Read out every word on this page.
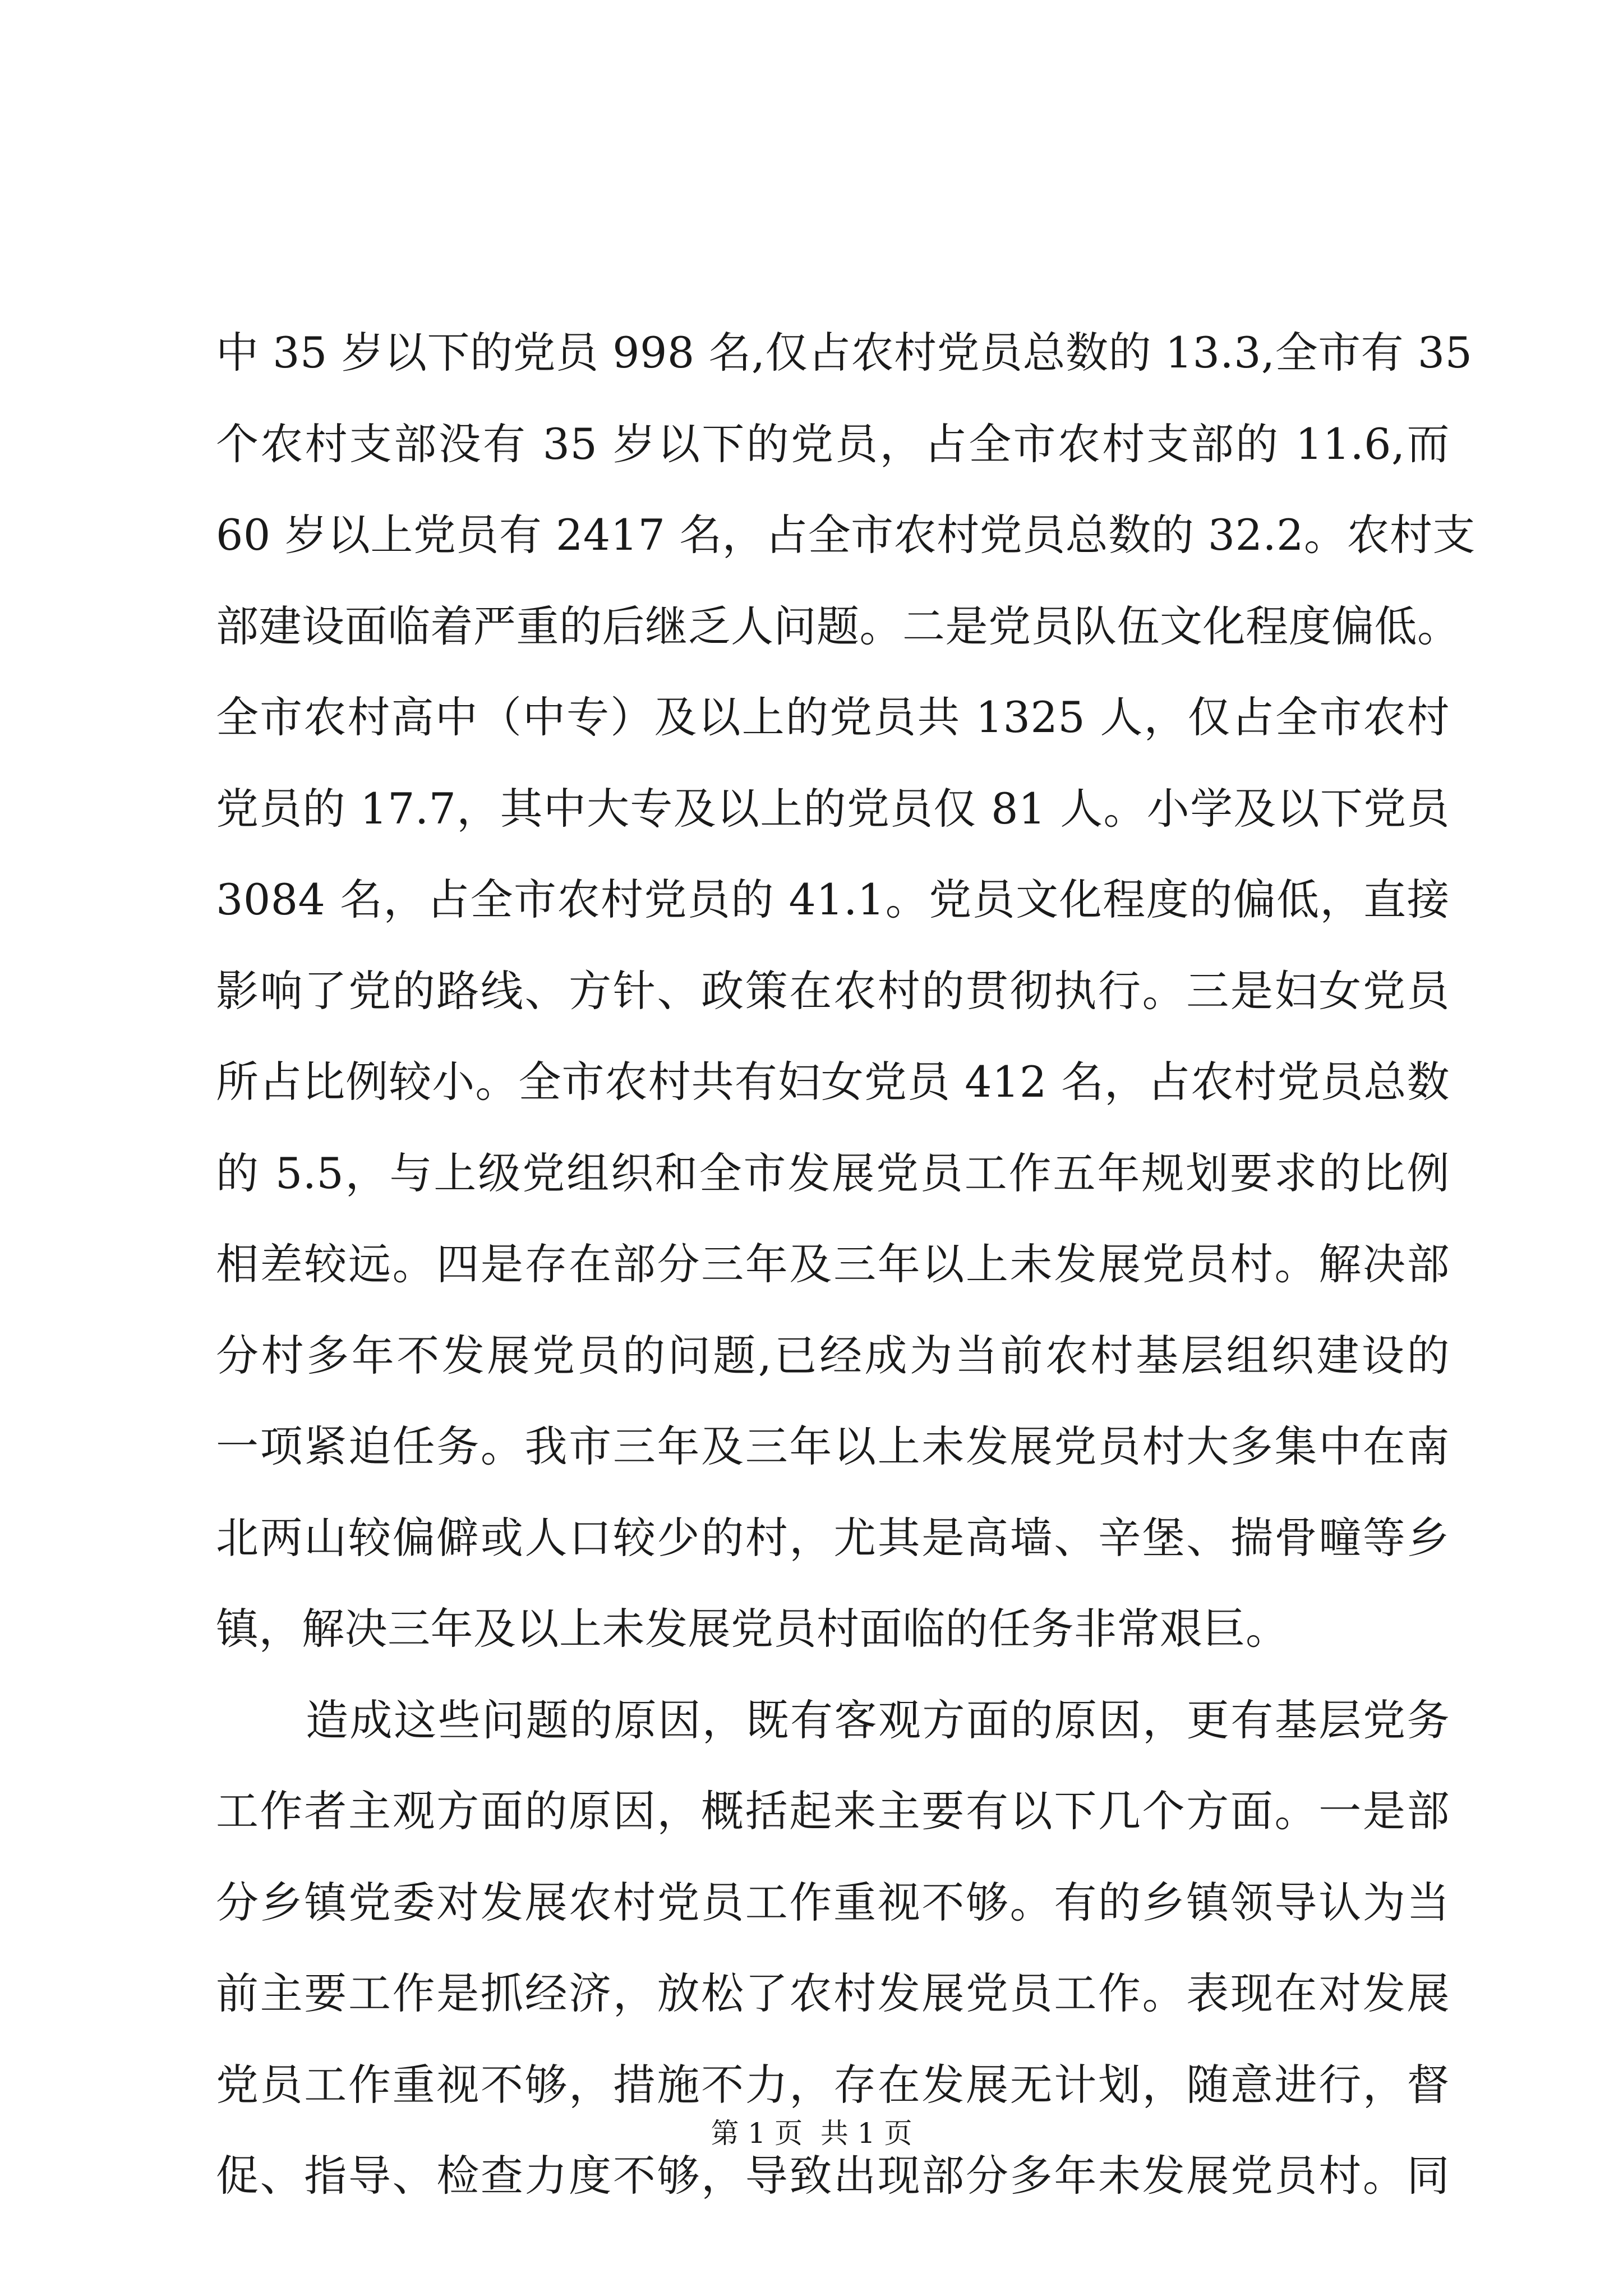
中 35 岁以下的党员 998 名,仅占农村党员总数的 13.3,全市有 35
个农村支部没有 35 岁以下的党员，占全市农村支部的 11.6,而
60 岁以上党员有 2417 名，占全市农村党员总数的 32.2。农村支
部建设面临着严重的后继乏人问题。二是党员队伍文化程度偏低。
全市农村高中（中专）及以上的党员共 1325 人，仅占全市农村
党员的 17.7，其中大专及以上的党员仅 81 人。小学及以下党员
3084 名，占全市农村党员的 41.1。党员文化程度的偏低，直接
影响了党的路线、方针、政策在农村的贯彻执行。三是妇女党员
所占比例较小。全市农村共有妇女党员 412 名，占农村党员总数
的 5.5，与上级党组织和全市发展党员工作五年规划要求的比例
相差较远。四是存在部分三年及三年以上未发展党员村。解决部
分村多年不发展党员的问题,已经成为当前农村基层组织建设的
一项紧迫任务。我市三年及三年以上未发展党员村大多集中在南
北两山较偏僻或人口较少的村，尤其是高墙、辛堡、揣骨疃等乡
镇，解决三年及以上未发展党员村面临的任务非常艰巨。
造成这些问题的原因，既有客观方面的原因，更有基层党务
工作者主观方面的原因，概括起来主要有以下几个方面。一是部
分乡镇党委对发展农村党员工作重视不够。有的乡镇领导认为当
前主要工作是抓经济，放松了农村发展党员工作。表现在对发展
党员工作重视不够，措施不力，存在发展无计划，随意进行，督
促、指导、检查力度不够，导致出现部分多年未发展党员村。同
第 1 页  共 1 页
